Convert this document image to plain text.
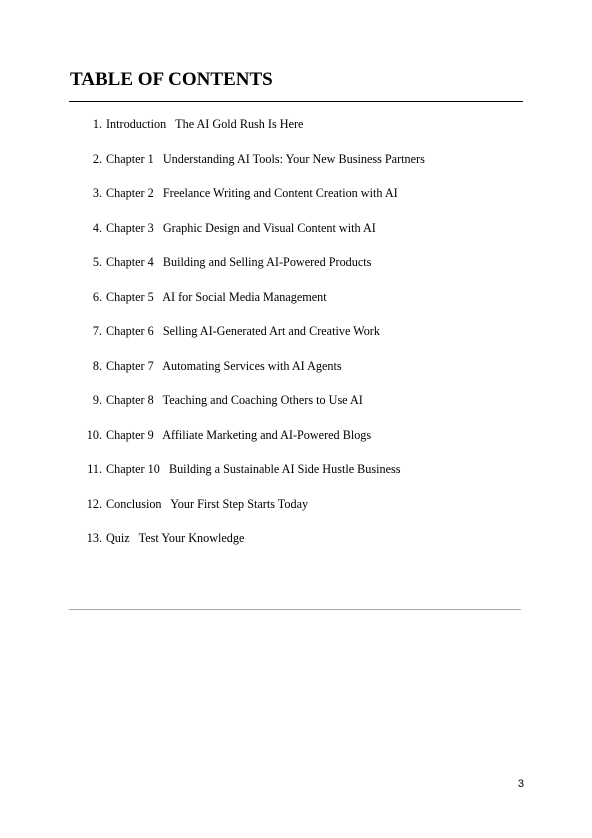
TABLE OF CONTENTS

1.

Introduction   The AI Gold Rush Is Here

2.

Chapter 1   Understanding AI Tools: Your New Business Partners

3.

Chapter 2   Freelance Writing and Content Creation with AI

4.

Chapter 3   Graphic Design and Visual Content with AI

5.

Chapter 4   Building and Selling AI-Powered Products

6.

Chapter 5   AI for Social Media Management

7.

Chapter 6   Selling AI-Generated Art and Creative Work

8.

Chapter 7   Automating Services with AI Agents

9.

Chapter 8   Teaching and Coaching Others to Use AI

10.

Chapter 9   Affiliate Marketing and AI-Powered Blogs

11.

Chapter 10   Building a Sustainable AI Side Hustle Business

12.

Conclusion   Your First Step Starts Today

13.

Quiz   Test Your Knowledge

3
